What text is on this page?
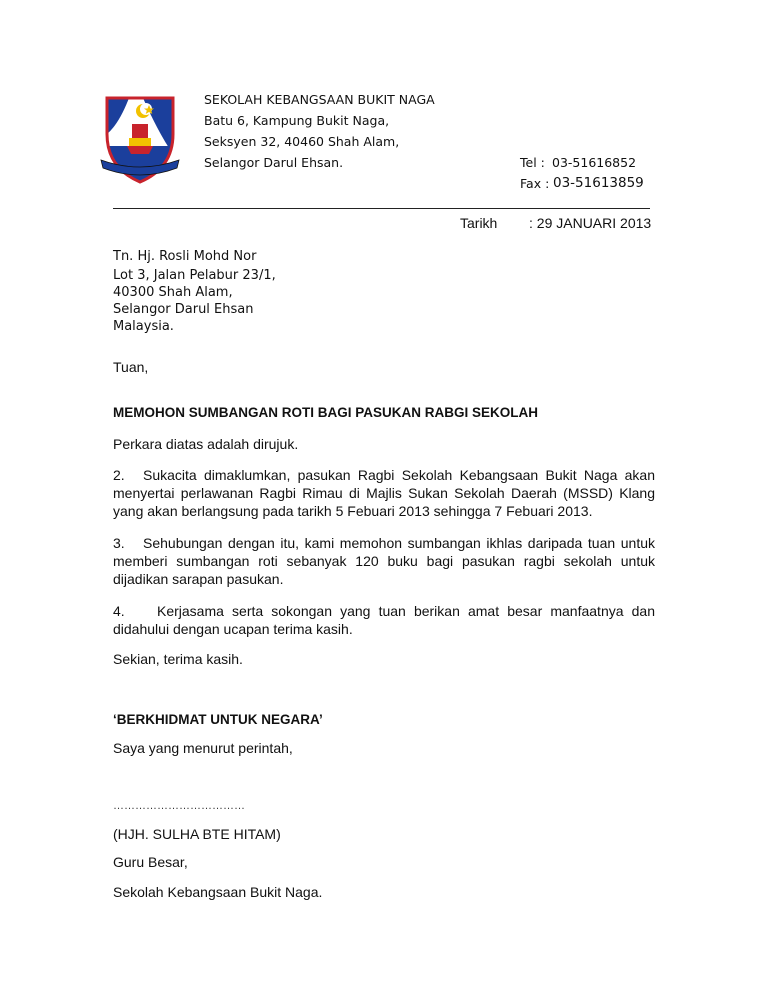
SEKOLAH KEBANGSAAN BUKIT NAGA
Batu 6, Kampung Bukit Naga,
Seksyen 32, 40460 Shah Alam,
Selangor Darul Ehsan.	Tel : 03-51616852
Fax : 03-51613859
Tarikh : 29 JANUARI 2013
Tn. Hj. Rosli Mohd Nor
Lot 3, Jalan Pelabur 23/1,
40300 Shah Alam,
Selangor Darul Ehsan
Malaysia.
Tuan,
MEMOHON SUMBANGAN ROTI BAGI PASUKAN RABGI SEKOLAH
Perkara diatas adalah dirujuk.
2. Sukacita dimaklumkan, pasukan Ragbi Sekolah Kebangsaan Bukit Naga akan menyertai perlawanan Ragbi Rimau di Majlis Sukan Sekolah Daerah (MSSD) Klang yang akan berlangsung pada tarikh 5 Febuari 2013 sehingga 7 Febuari 2013.
3. Sehubungan dengan itu, kami memohon sumbangan ikhlas daripada tuan untuk memberi sumbangan roti sebanyak 120 buku bagi pasukan ragbi sekolah untuk dijadikan sarapan pasukan.
4. Kerjasama serta sokongan yang tuan berikan amat besar manfaatnya dan didahului dengan ucapan terima kasih.
Sekian, terima kasih.
‘BERKHIDMAT UNTUK NEGARA’
Saya yang menurut perintah,
………………………………
(HJH. SULHA BTE HITAM)
Guru Besar,
Sekolah Kebangsaan Bukit Naga.
